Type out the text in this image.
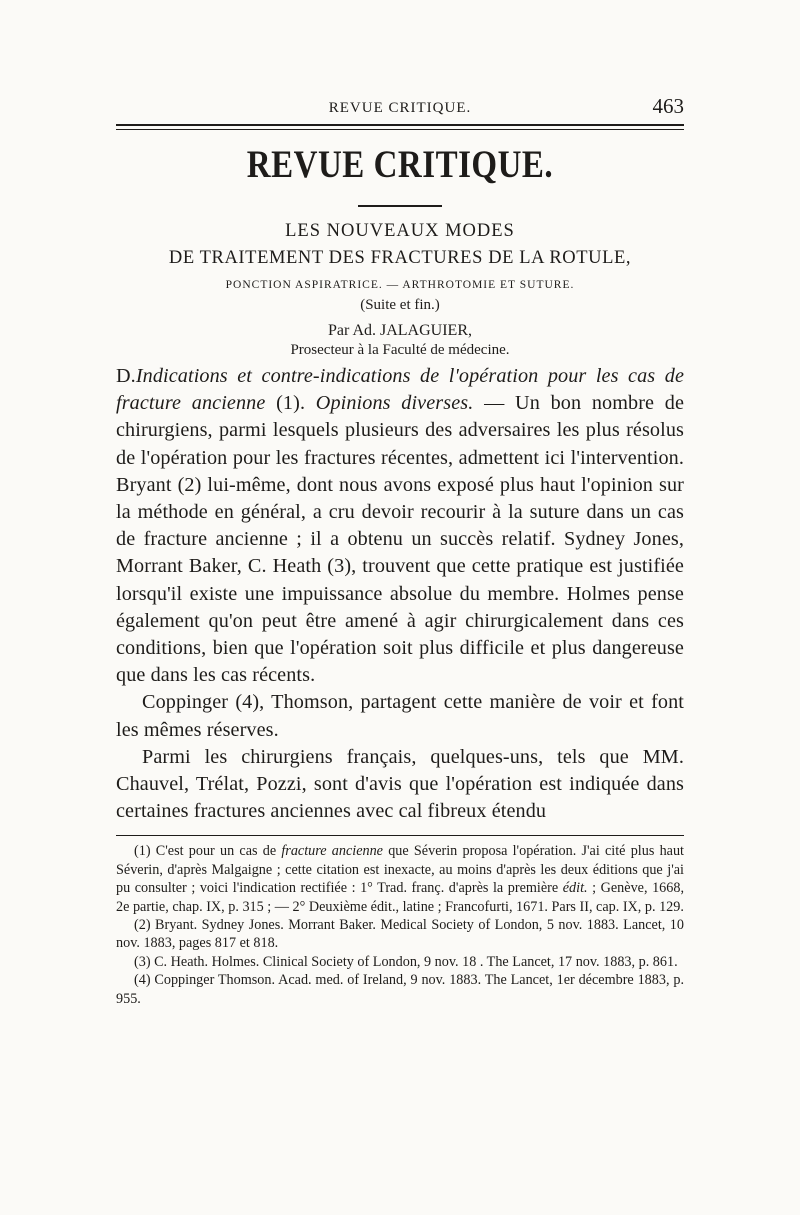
REVUE CRITIQUE.	463
REVUE CRITIQUE.
LES NOUVEAUX MODES
DE TRAITEMENT DES FRACTURES DE LA ROTULE,
PONCTION ASPIRATRICE. — ARTHROTOMIE ET SUTURE.
(Suite et fin.)
Par Ad. JALAGUIER,
Prosecteur à la Faculté de médecine.

D.Indications et contre-indications de l'opération pour les cas de fracture ancienne (1). Opinions diverses. — Un bon nombre de chirurgiens, parmi lesquels plusieurs des adversaires les plus résolus de l'opération pour les fractures récentes, admettent ici l'intervention. Bryant (2) lui-même, dont nous avons exposé plus haut l'opinion sur la méthode en général, a cru devoir recourir à la suture dans un cas de fracture ancienne ; il a obtenu un succès relatif. Sydney Jones, Morrant Baker, C. Heath (3), trouvent que cette pratique est justifiée lorsqu'il existe une impuissance absolue du membre. Holmes pense également qu'on peut être amené à agir chirurgicalement dans ces conditions, bien que l'opération soit plus difficile et plus dangereuse que dans les cas récents.

Coppinger (4), Thomson, partagent cette manière de voir et font les mêmes réserves.

Parmi les chirurgiens français, quelques-uns, tels que MM. Chauvel, Trélat, Pozzi, sont d'avis que l'opération est indiquée dans certaines fractures anciennes avec cal fibreux étendu

(1) C'est pour un cas de fracture ancienne que Séverin proposa l'opération. J'ai cité plus haut Séverin, d'après Malgaigne ; cette citation est inexacte, au moins d'après les deux éditions que j'ai pu consulter ; voici l'indication rectifiée : 1° Trad. franç. d'après la première édit. ; Genève, 1668, 2e partie, chap. IX, p. 315 ; — 2° Deuxième édit., latine ; Francofurti, 1671. Pars II, cap. IX, p. 129.

(2) Bryant. Sydney Jones. Morrant Baker. Medical Society of London, 5 nov. 1883. Lancet, 10 nov. 1883, pages 817 et 818.

(3) C. Heath. Holmes. Clinical Society of London, 9 nov. 18 . The Lancet, 17 nov. 1883, p. 861.

(4) Coppinger Thomson. Acad. med. of Ireland, 9 nov. 1883. The Lancet, 1er décembre 1883, p. 955.
